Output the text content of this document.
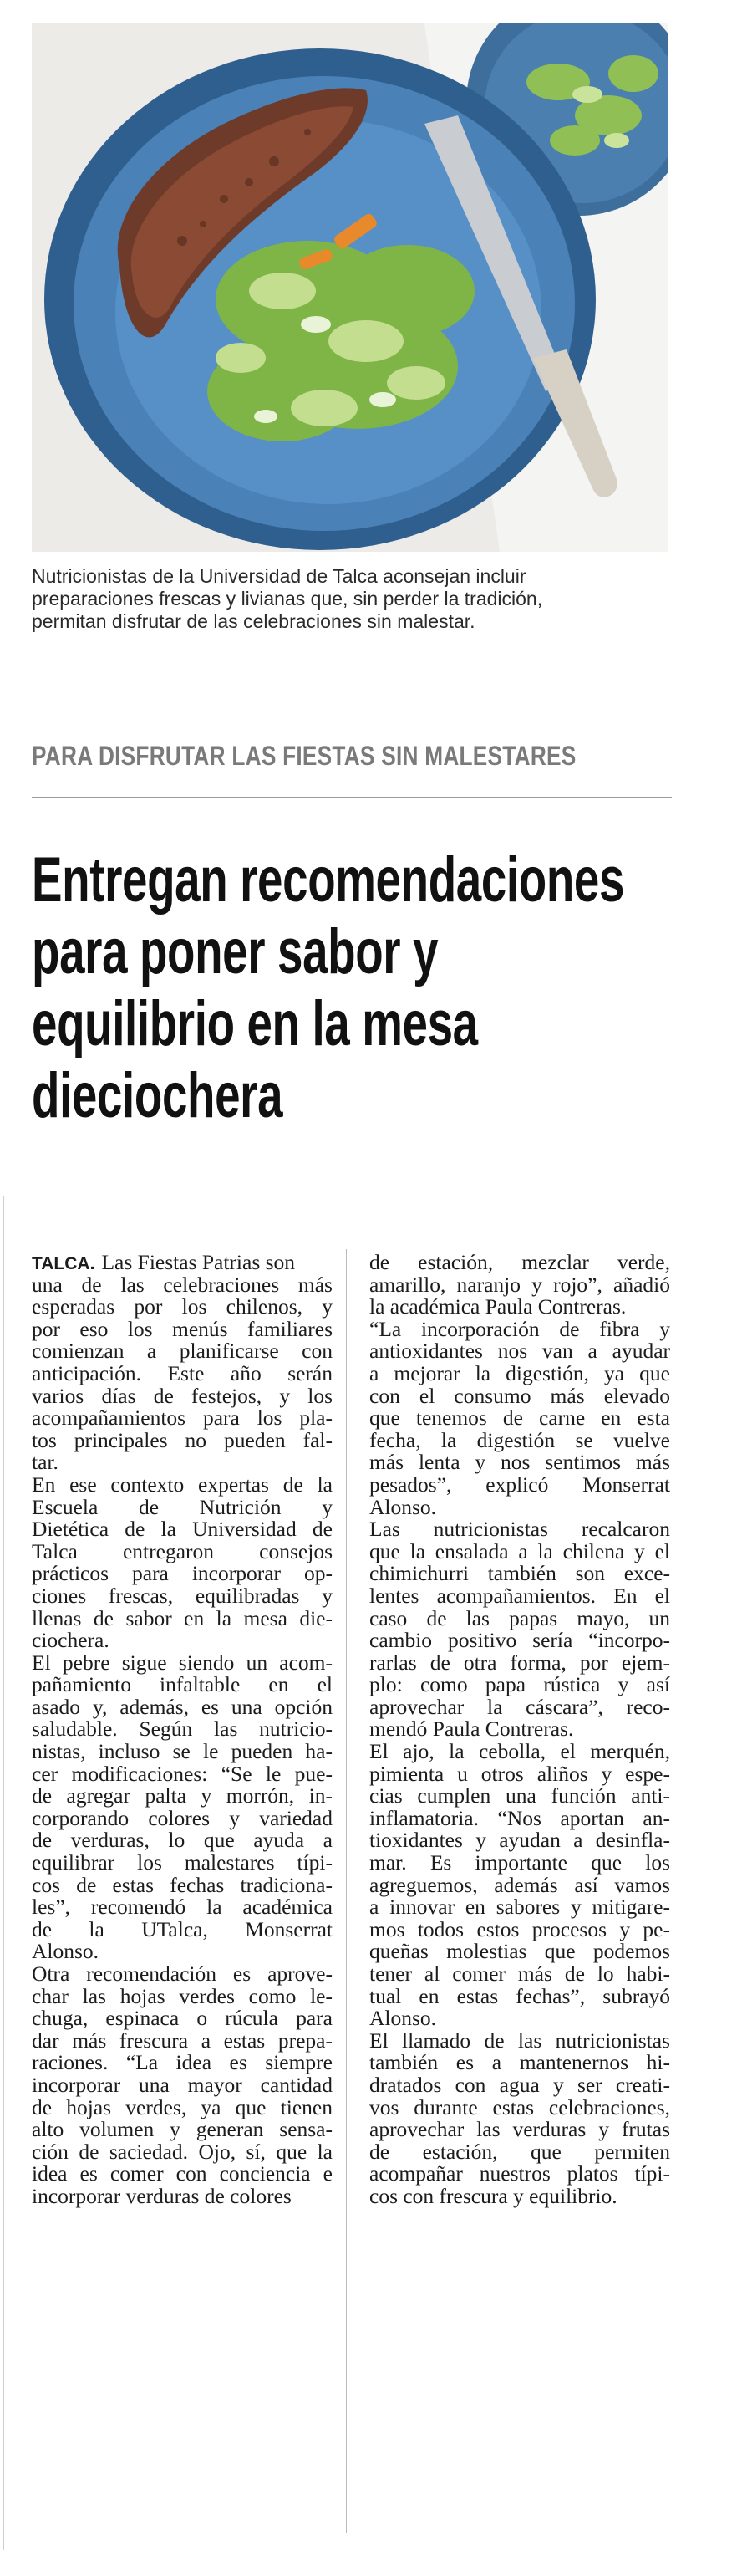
Nutricionistas de la Universidad de Talca aconsejan incluir
preparaciones frescas y livianas que, sin perder la tradición,
permitan disfrutar de las celebraciones sin malestar.
PARA DISFRUTAR LAS FIESTAS SIN MALESTARES
Entregan recomendaciones
para poner sabor y
equilibrio en la mesa
dieciochera
TALCA. Las Fiestas Patrias son
una de las celebraciones más
esperadas por los chilenos, y
por eso los menús familiares
comienzan a planificarse con
anticipación. Este año serán
varios días de festejos, y los
acompañamientos para los pla-
tos principales no pueden fal-
tar.
En ese contexto expertas de la
Escuela de Nutrición y
Dietética de la Universidad de
Talca entregaron consejos
prácticos para incorporar op-
ciones frescas, equilibradas y
llenas de sabor en la mesa die-
ciochera.
El pebre sigue siendo un acom-
pañamiento infaltable en el
asado y, además, es una opción
saludable. Según las nutricio-
nistas, incluso se le pueden ha-
cer modificaciones: “Se le pue-
de agregar palta y morrón, in-
corporando colores y variedad
de verduras, lo que ayuda a
equilibrar los malestares típi-
cos de estas fechas tradiciona-
les”, recomendó la académica
de la UTalca, Monserrat
Alonso.
Otra recomendación es aprove-
char las hojas verdes como le-
chuga, espinaca o rúcula para
dar más frescura a estas prepa-
raciones. “La idea es siempre
incorporar una mayor cantidad
de hojas verdes, ya que tienen
alto volumen y generan sensa-
ción de saciedad. Ojo, sí, que la
idea es comer con conciencia e
incorporar verduras de colores
de estación, mezclar verde,
amarillo, naranjo y rojo”, añadió
la académica Paula Contreras.
“La incorporación de fibra y
antioxidantes nos van a ayudar
a mejorar la digestión, ya que
con el consumo más elevado
que tenemos de carne en esta
fecha, la digestión se vuelve
más lenta y nos sentimos más
pesados”, explicó Monserrat
Alonso.
Las nutricionistas recalcaron
que la ensalada a la chilena y el
chimichurri también son exce-
lentes acompañamientos. En el
caso de las papas mayo, un
cambio positivo sería “incorpo-
rarlas de otra forma, por ejem-
plo: como papa rústica y así
aprovechar la cáscara”, reco-
mendó Paula Contreras.
El ajo, la cebolla, el merquén,
pimienta u otros aliños y espe-
cias cumplen una función anti-
inflamatoria. “Nos aportan an-
tioxidantes y ayudan a desinfla-
mar. Es importante que los
agreguemos, además así vamos
a innovar en sabores y mitigare-
mos todos estos procesos y pe-
queñas molestias que podemos
tener al comer más de lo habi-
tual en estas fechas”, subrayó
Alonso.
El llamado de las nutricionistas
también es a mantenernos hi-
dratados con agua y ser creati-
vos durante estas celebraciones,
aprovechar las verduras y frutas
de estación, que permiten
acompañar nuestros platos típi-
cos con frescura y equilibrio.
